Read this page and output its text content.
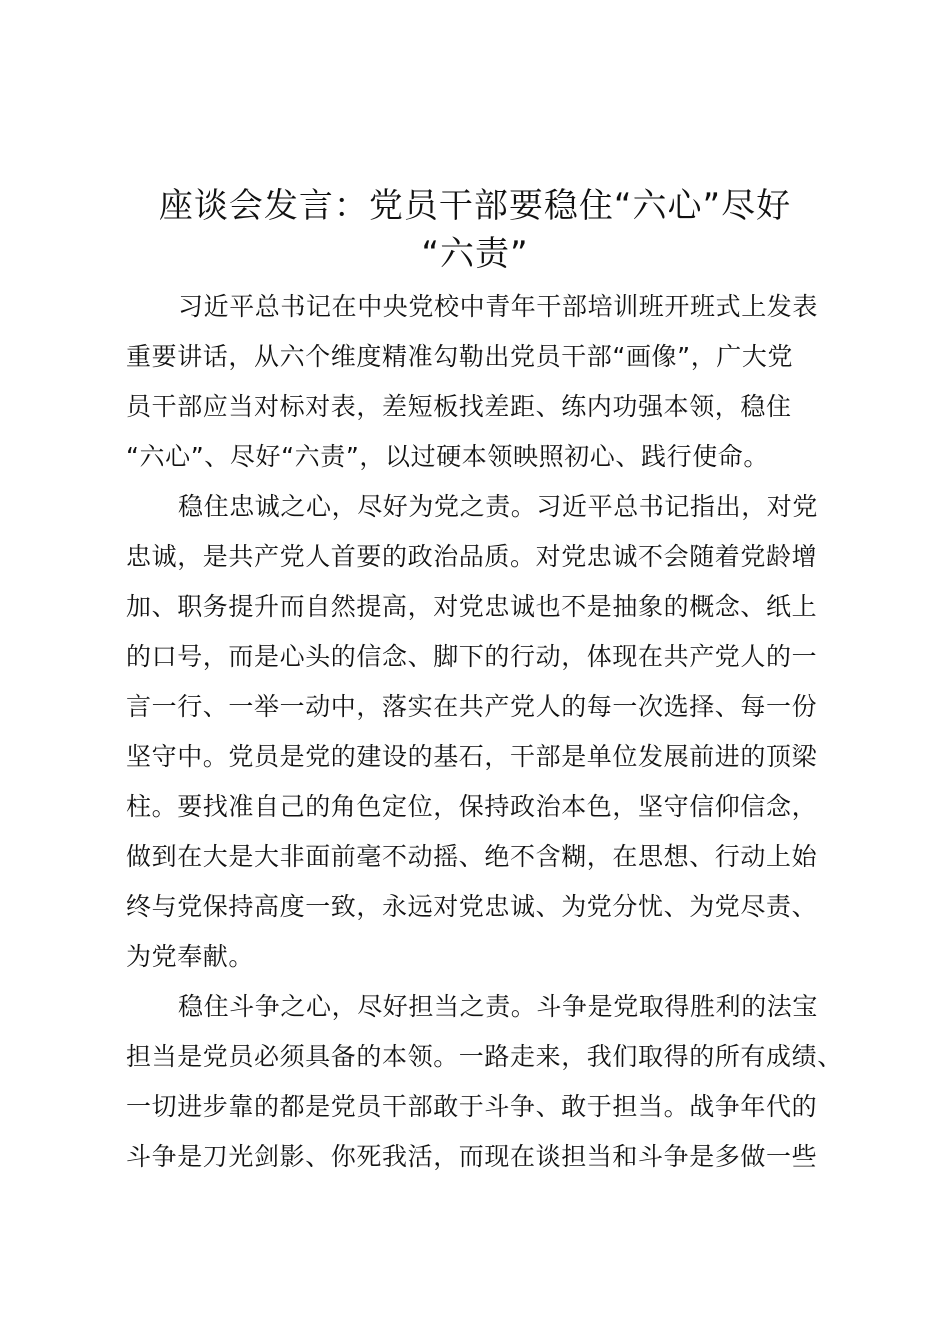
座谈会发言：党员干部要稳住“六心”尽好
“六责”
习近平总书记在中央党校中青年干部培训班开班式上发表
重要讲话，从六个维度精准勾勒出党员干部“画像”，广大党
员干部应当对标对表，差短板找差距、练内功强本领，稳住
“六心”、尽好“六责”，以过硬本领映照初心、践行使命。
稳住忠诚之心，尽好为党之责。习近平总书记指出，对党
忠诚，是共产党人首要的政治品质。对党忠诚不会随着党龄增
加、职务提升而自然提高，对党忠诚也不是抽象的概念、纸上
的口号，而是心头的信念、脚下的行动，体现在共产党人的一
言一行、一举一动中，落实在共产党人的每一次选择、每一份
坚守中。党员是党的建设的基石，干部是单位发展前进的顶梁
柱。要找准自己的角色定位，保持政治本色，坚守信仰信念，
做到在大是大非面前毫不动摇、绝不含糊，在思想、行动上始
终与党保持高度一致，永远对党忠诚、为党分忧、为党尽责、
为党奉献。
稳住斗争之心，尽好担当之责。斗争是党取得胜利的法宝
担当是党员必须具备的本领。一路走来，我们取得的所有成绩、
一切进步靠的都是党员干部敢于斗争、敢于担当。战争年代的
斗争是刀光剑影、你死我活，而现在谈担当和斗争是多做一些
